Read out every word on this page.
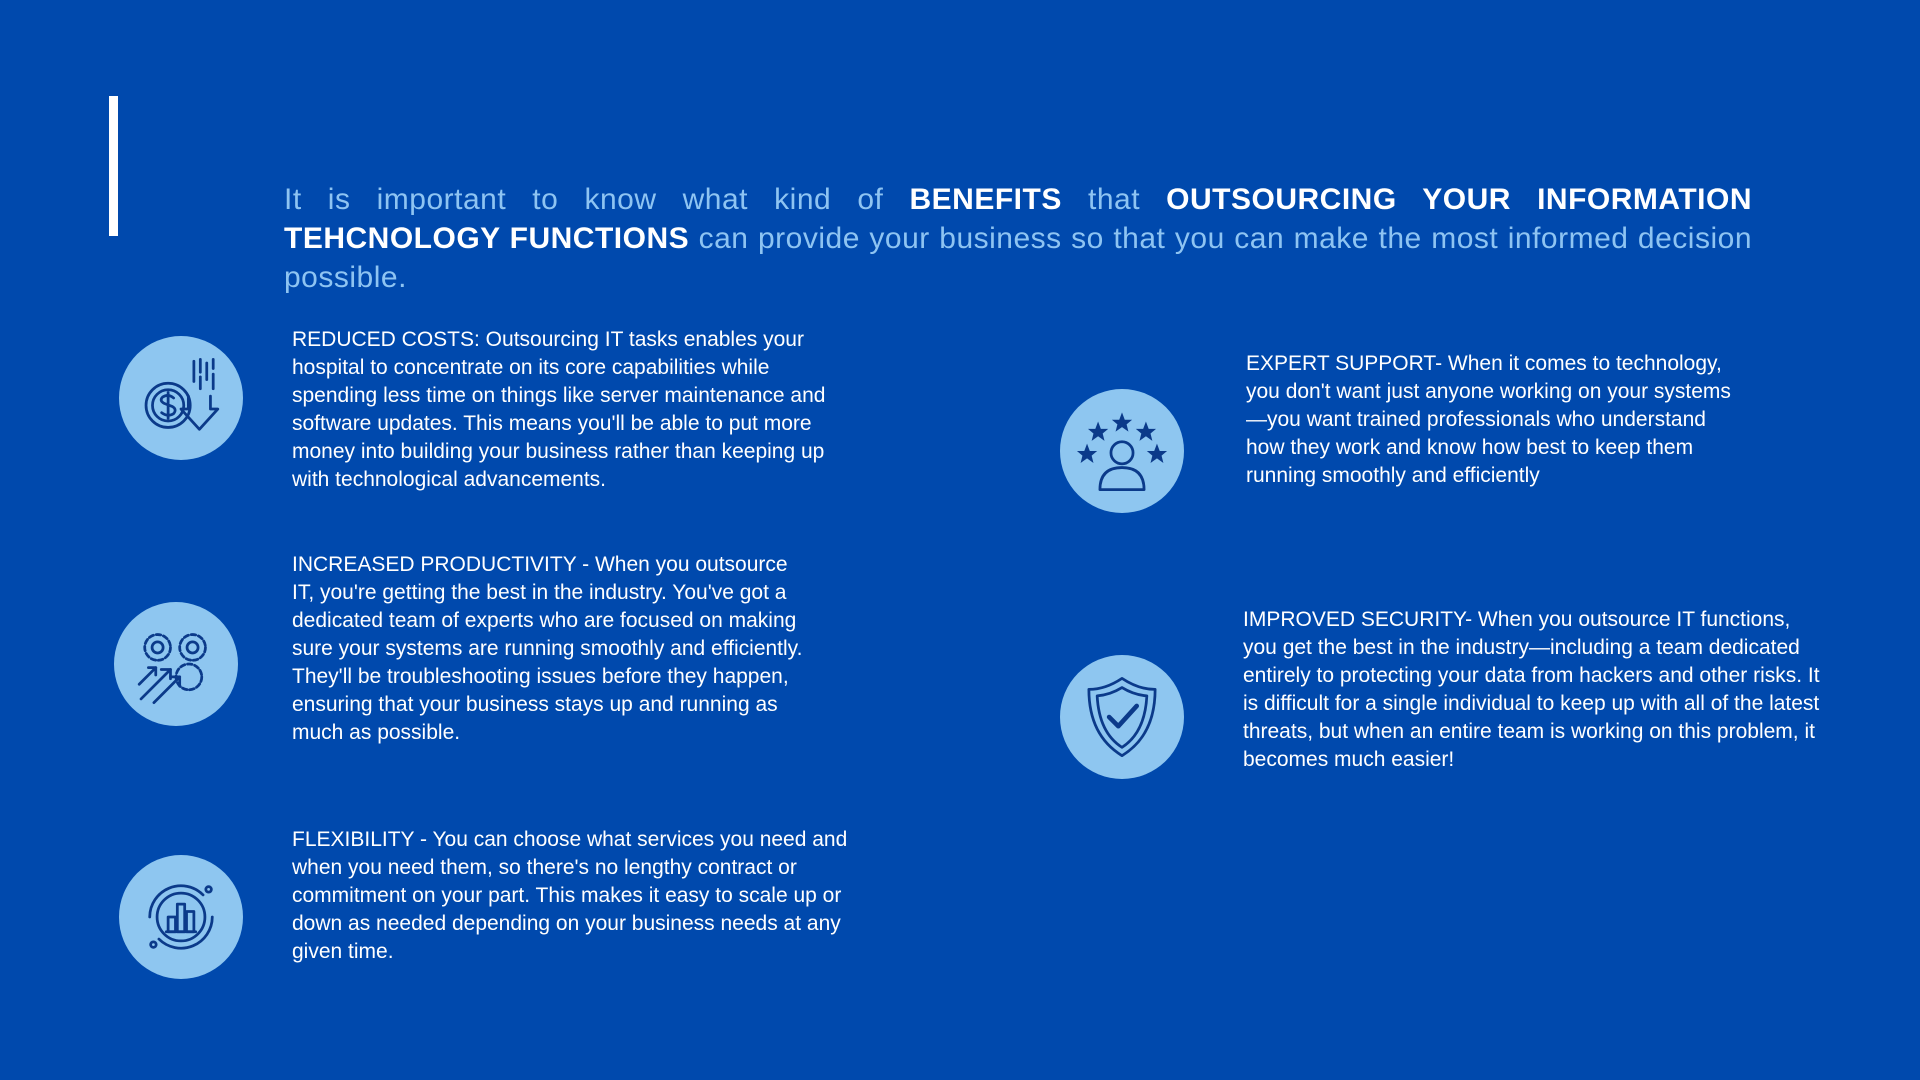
It is important to know what kind of BENEFITS that OUTSOURCING YOUR INFORMATION TEHCNOLOGY FUNCTIONS can provide your business so that you can make the most informed decision possible.

REDUCED COSTS: Outsourcing IT tasks enables your hospital to concentrate on its core capabilities while spending less time on things like server maintenance and software updates. This means you'll be able to put more money into building your business rather than keeping up with technological advancements.

INCREASED PRODUCTIVITY - When you outsource IT, you're getting the best in the industry. You've got a dedicated team of experts who are focused on making sure your systems are running smoothly and efficiently. They'll be troubleshooting issues before they happen, ensuring that your business stays up and running as much as possible.

FLEXIBILITY - You can choose what services you need and when you need them, so there's no lengthy contract or commitment on your part. This makes it easy to scale up or down as needed depending on your business needs at any given time.

EXPERT SUPPORT- When it comes to technology, you don't want just anyone working on your systems—you want trained professionals who understand how they work and know how best to keep them running smoothly and efficiently

IMPROVED SECURITY- When you outsource IT functions, you get the best in the industry—including a team dedicated entirely to protecting your data from hackers and other risks. It is difficult for a single individual to keep up with all of the latest threats, but when an entire team is working on this problem, it becomes much easier!
